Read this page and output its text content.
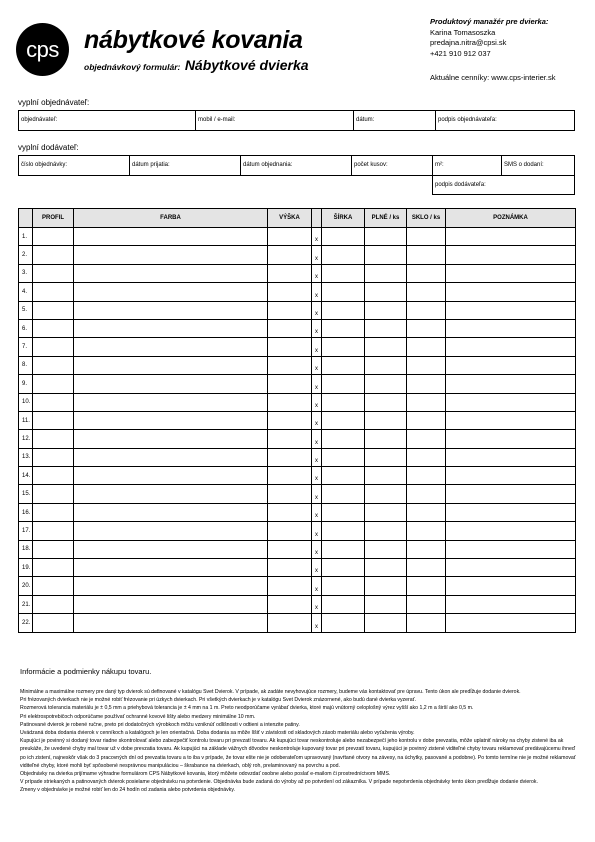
cps	nábytkové kovania
objednávkový formulár: Nábytkové dvierka
Produktový manažér pre dvierka:
Karina Tomasoszka
predajna.nitra@cpsi.sk
+421 910 912 037
Aktuálne cenníky: www.cps-interier.sk
vyplní objednávateľ:
objednávateľ:	mobil / e-mail:	dátum:	podpis objednávateľa:
vyplní dodávateľ:
číslo objednávky:	dátum prijatia:	dátum objednania:	počet kusov:	m²:	SMS o dodaní:
podpis dodávateľa:
	PROFIL	FARBA	VÝŠKA		ŠÍRKA	PLNÉ / ks	SKLO / ks	POZNÁMKA
1.				x				
2.				x				
3.				x				
4.				x				
5.				x				
6.				x				
7.				x				
8.				x				
9.				x				
10.				x				
11.				x				
12.				x				
13.				x				
14.				x				
15.				x				
16.				x				
17.				x				
18.				x				
19.				x				
20.				x				
21.				x				
22.				x				
Informácie a podmienky nákupu tovaru.

Minimálne a maximálne rozmery pre daný typ dvierok sú definované v katalógu Svet Dvierok. V prípade, ak zadáte nevyhovujúce rozmery, budeme vás kontaktovať pre úpravu. Tento úkon ale predĺžuje dodanie dvierok.

Pri frézovaných dvierkach nie je možné robiť frézovanie pri úzkych dvierkach. Pri všetkých dvierkach je v katalógu Svet Dvierok znázornené, ako budú dané dvierka vyzerať.

Rozmerová tolerancia materiálu je ± 0,5 mm a priehybová tolerancia je ± 4 mm na 1 m. Preto neodporúčame vyrábať dvierka, ktoré majú vnútorný celoplošný výrez vyšší ako 1,2 m a širší ako 0,5 m.

Pri elektrospotrebičoch odporúčame používať ochranné kovové lišty alebo medzery minimálne 10 mm.

Patinované dvierok je robené ručne, preto pri dodatočných výrobkoch môžu vzniknúť odlišnosti v odtieni a intenzite patiny.

Uvádzaná doba dodania dvierok v cenníkoch a katalógoch je len orientačná. Doba dodania sa môže líšiť v závislosti od skladových zásob materiálu alebo vyťaženia výroby.

Kupujúci je povinný si dodaný tovar riadne skontrolovať alebo zabezpečiť kontrolu tovaru pri prevzatí tovaru. Ak kupujúci tovar neskontroluje alebo nezabezpečí jeho kontrolu v dobe prevzatia, môže uplatniť nároky na chyby zistené iba ak preukáže, že uvedené chyby mal tovar už v dobe prevzatia tovaru. Ak kupujúci na základe vážnych dôvodov neskontroluje kupovaný tovar pri prevzatí tovaru, kupujúci je povinný zistené viditeľné chyby tovaru reklamovať predávajúcemu ihneď po ich zistení, najneskôr však do 3 pracovných dní od prevzatia tovaru a to iba v prípade, že tovar ešte nie je odoberateľom upravovaný (navŕtané otvory na závesy, na úchytky, pasované a podobne). Po tomto termíne nie je možné reklamovať viditeľné chyby, ktoré mohli byť spôsobené nesprávnou manipuláciou – škrabance na dvierkach, oblý roh, prelaminovaný na povrchu a pod.

Objednávky na dvierka prijímame výhradne formulárom CPS Nábytkové kovania, ktorý môžete odovzdať osobne alebo poslať e-mailom či prostredníctvom MMS.

V prípade striekaných a patinovaných dvierok posielame objednávku na potvrdenie. Objednávka bude zadaná do výroby až po potvrdení od zákazníka. V prípade nepotvrdenia objednávky tento úkon predĺžuje dodanie dvierok.

Zmeny v objednávke je možné robiť len do 24 hodín od zadania alebo potvrdenia objednávky.
